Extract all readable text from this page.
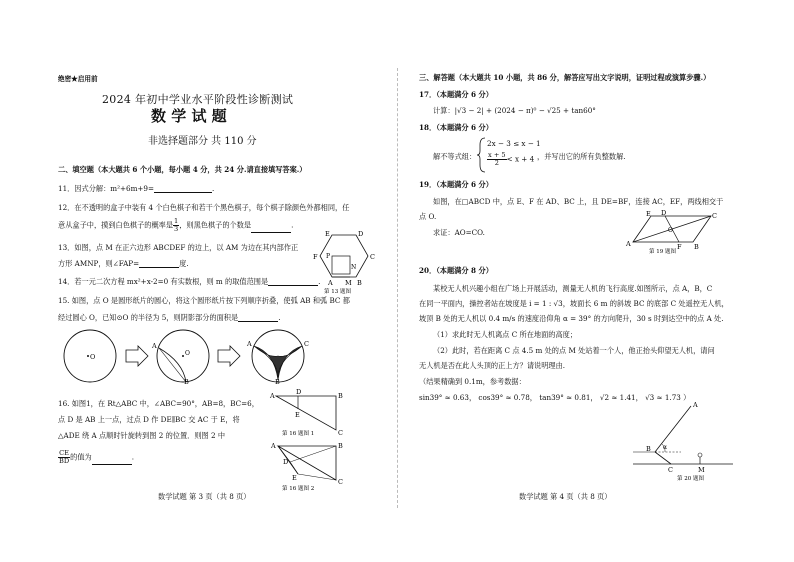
绝密★启用前
2024 年初中学业水平阶段性诊断测试
数 学 试 题
非选择题部分 共 110 分
二、填空题（本大题共 6 个小题，每小题 4 分，共 24 分.请直接填写答案.）
11．因式分解：m²+6m+9=	.
12．在不透明的盒子中装有 4 个白色棋子和若干个黑色棋子，每个棋子除颜色外都相同，任
意从盒子中，摸到白色棋子的概率是 $\frac{1}{3}$ ，则黑色棋子的个数是	.
13．如图，点 M 在正六边形 ABCDEF 的边上，以 AM 为边在其内部作正
方形 AMNP，则∠FAP=	度.
14．若一元二次方程 mx²+x-2=0 有实数根，则 m 的取值范围是	.
15. 如图，点 O 是圆形纸片的圆心，将这个圆形纸片按下列顺序折叠，使弧 AB 和弧 BC 都
经过圆心 O，已知⊙O 的半径为 5，则阴影部分的面积是	.
E	D
F	C
P
N
A M B
第 13 题图
O
A
O
B
A	C
O
B
16. 如图1，在 Rt△ABC 中，∠ABC=90°，AB=8，BC=6，
点 D 是 AB 上一点，过点 D 作 DE∥BC 交 AC 于 E，将
△ADE 绕 A 点顺时针旋转到图 2 的位置．则图 2 中
$\frac{CE}{BD}$ 的值为	.
A	D	B
E
C
第 16 题图 1
A
D
B
E	C
第 16 题图 2
数学试题 第 3 页（共 8 页）
三、解答题（本大题共 10 小题，共 86 分，解答应写出文字说明，证明过程或演算步骤.）
17．（本题满分 6 分）
计算：|√3 − 2| + (2024 − π)⁰ − √25 + tan60°
18．（本题满分 6 分）
解不等式组：
2x − 3 ≤ x − 1
$\frac{x + 5}{2} < x + 4$ ，并写出它的所有负整数解.
19．（本题满分 6 分）
如图，在□ABCD 中，点 E、F 在 AD、BC 上，且 DE=BF，连接 AC，EF，两线相交于
点 O.
求证：AO=CO.
E D
O
A
C
F B
第 19 题图
20．（本题满分 8 分）
某校无人机兴趣小组在广场上开展活动，测量无人机的飞行高度.如图所示，点 A，B，C
在同一平面内，操控者站在坡度是 i = 1 : √3，坡面长 6 m 的斜坡 BC 的底部 C 处遥控无人机，
坡顶 B 处的无人机以 0.4 m/s 的速度沿仰角 α = 39° 的方向爬升，30 s 时到达空中的点 A 处.
（1）求此时无人机离点 C 所在地面的高度；
（2）此时，若在距离 C 点 4.5 m 处的点 M 处站着一个人，他正抬头仰望无人机，请问
无人机是否在此人头顶的正上方？请说明理由.
（结果精确到 0.1m，参考数据：
sin39° ≈ 0.63， cos39° ≈ 0.78， tan39° ≈ 0.81， √2 ≈ 1.41， √3 ≈ 1.73 ）
A
B α
C	M
第 20 题图
数学试题 第 4 页（共 8 页）
